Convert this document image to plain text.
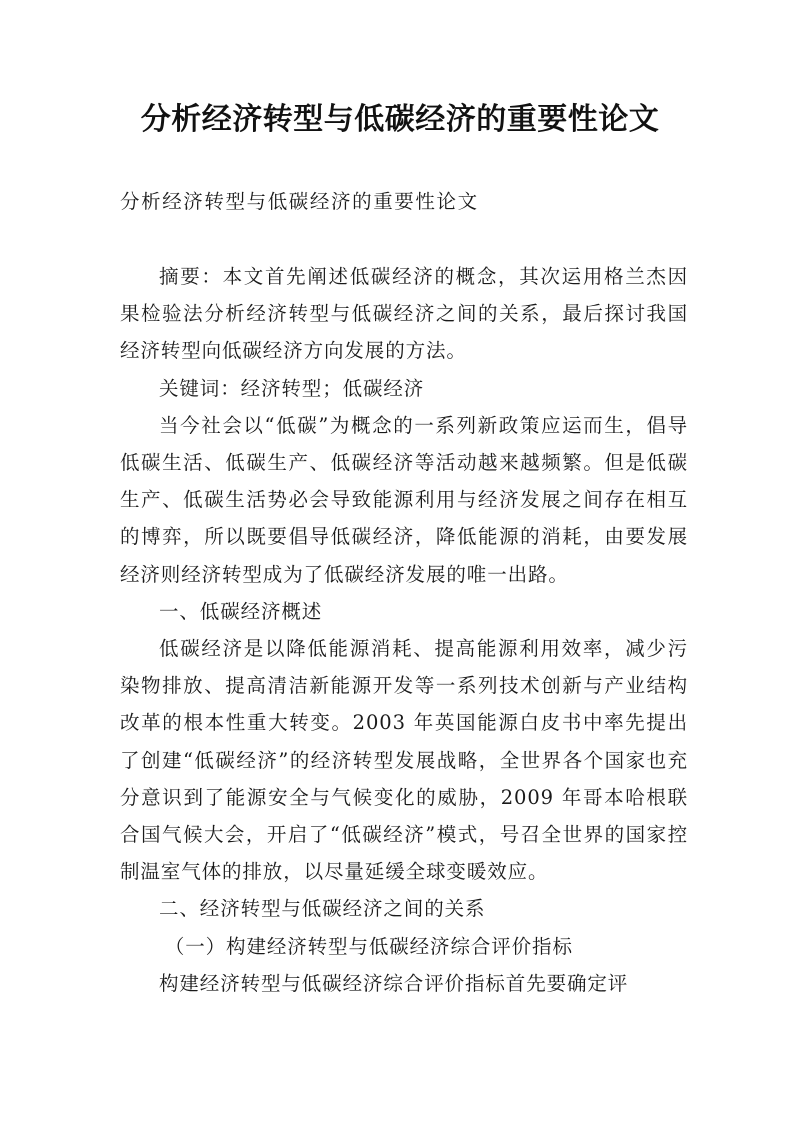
分析经济转型与低碳经济的重要性论文

分析经济转型与低碳经济的重要性论文

摘要：本文首先阐述低碳经济的概念，其次运用格兰杰因果检验法分析经济转型与低碳经济之间的关系，最后探讨我国经济转型向低碳经济方向发展的方法。

关键词：经济转型；低碳经济

当今社会以“低碳”为概念的一系列新政策应运而生，倡导低碳生活、低碳生产、低碳经济等活动越来越频繁。但是低碳生产、低碳生活势必会导致能源利用与经济发展之间存在相互的博弈，所以既要倡导低碳经济，降低能源的消耗，由要发展经济则经济转型成为了低碳经济发展的唯一出路。

一、低碳经济概述

低碳经济是以降低能源消耗、提高能源利用效率，减少污染物排放、提高清洁新能源开发等一系列技术创新与产业结构改革的根本性重大转变。2003 年英国能源白皮书中率先提出了创建“低碳经济”的经济转型发展战略，全世界各个国家也充分意识到了能源安全与气候变化的威胁，2009 年哥本哈根联合国气候大会，开启了“低碳经济”模式，号召全世界的国家控制温室气体的排放，以尽量延缓全球变暖效应。

二、经济转型与低碳经济之间的关系

（一）构建经济转型与低碳经济综合评价指标

构建经济转型与低碳经济综合评价指标首先要确定评
